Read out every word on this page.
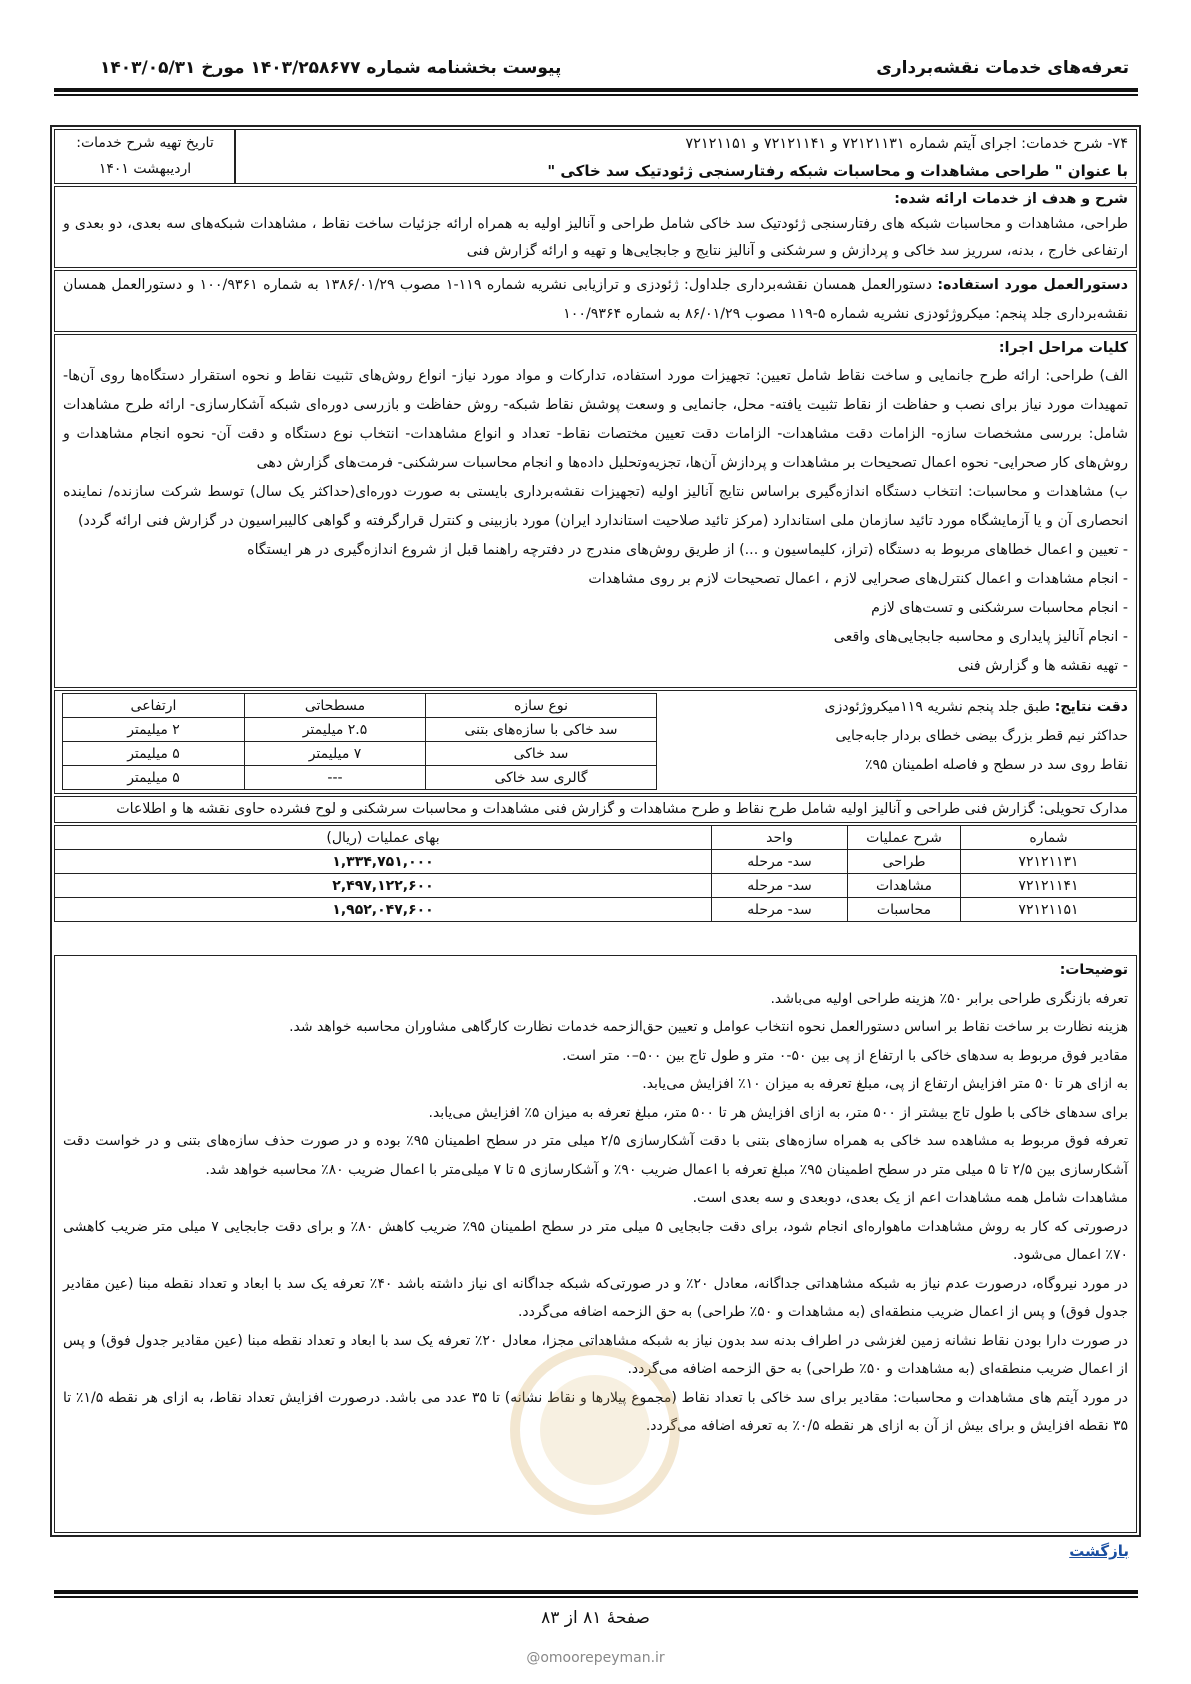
تعرفه‌های خدمات نقشه‌برداری
پیوست بخشنامه شماره ۱۴۰۳/۲۵۸۶۷۷ مورخ ۱۴۰۳/۰۵/۳۱
۷۴- شرح خدمات: اجرای آیتم شماره ۷۲۱۲۱۱۳۱ و ۷۲۱۲۱۱۴۱ و ۷۲۱۲۱۱۵۱
با عنوان " طراحی مشاهدات و محاسبات شبکه رفتارسنجی ژئودتیک سد خاکی "
تاریخ تهیه شرح خدمات:
اردیبهشت ۱۴۰۱
شرح و هدف از خدمات ارائه شده:
طراحی، مشاهدات و محاسبات شبکه های رفتارسنجی ژئودتیک سد خاکی شامل طراحی و آنالیز اولیه به همراه ارائه جزئیات ساخت نقاط ، مشاهدات شبکه‌های سه بعدی، دو بعدی و ارتفاعی خارج ، بدنه، سرریز سد خاکی و پردازش و سرشکنی و آنالیز نتایج و جابجایی‌ها و تهیه و ارائه گزارش فنی
دستورالعمل مورد استفاده: دستورالعمل همسان نقشه‌برداری جلداول: ژئودزی و ترازیابی نشریه شماره ۱۱۹-۱ مصوب ۱۳۸۶/۰۱/۲۹ به شماره ۱۰۰/۹۳۶۱ و دستورالعمل همسان نقشه‌برداری جلد پنجم: میکروژئودزی نشریه شماره ۵-۱۱۹ مصوب ۸۶/۰۱/۲۹ به شماره ۱۰۰/۹۳۶۴
کلیات مراحل اجرا:
الف) طراحی: ارائه طرح جانمایی و ساخت نقاط شامل تعیین: تجهیزات مورد استفاده، تدارکات و مواد مورد نیاز- انواع روش‌های تثبیت نقاط و نحوه استقرار دستگاه‌ها روی آن‌ها- تمهیدات مورد نیاز برای نصب و حفاظت از نقاط تثبیت یافته- محل، جانمایی و وسعت پوشش نقاط شبکه- روش حفاظت و بازرسی دوره‌ای شبکه آشکارسازی- ارائه طرح مشاهدات شامل: بررسی مشخصات سازه- الزامات دقت مشاهدات- الزامات دقت تعیین مختصات نقاط- تعداد و انواع مشاهدات- انتخاب نوع دستگاه و دقت آن- نحوه انجام مشاهدات و روش‌های کار صحرایی- نحوه اعمال تصحیحات بر مشاهدات و پردازش آن‌ها، تجزیه‌وتحلیل داده‌ها و انجام محاسبات سرشکنی- فرمت‌های گزارش دهی
ب) مشاهدات و محاسبات: انتخاب دستگاه اندازه‌گیری براساس نتایج آنالیز اولیه (تجهیزات نقشه‌برداری بایستی به صورت دوره‌ای(حداکثر یک سال) توسط شرکت سازنده/ نماینده انحصاری آن و یا آزمایشگاه مورد تائید سازمان ملی استاندارد (مرکز تائید صلاحیت استاندارد ایران) مورد بازبینی و کنترل قرارگرفته و گواهی کالیبراسیون در گزارش فنی ارائه گردد)
- تعیین و اعمال خطاهای مربوط به دستگاه (تراز، کلیماسیون و ...) از طریق روش‌های مندرج در دفترچه راهنما قبل از شروع اندازه‌گیری در هر ایستگاه
- انجام مشاهدات و اعمال کنترل‌های صحرایی لازم ، اعمال تصحیحات لازم بر روی مشاهدات
- انجام محاسبات سرشکنی و تست‌های لازم
- انجام آنالیز پایداری و محاسبه جابجایی‌های واقعی
- تهیه نقشه ها و گزارش فنی
دقت نتایج: طبق جلد پنجم نشریه ۱۱۹میکروژئودزی
حداکثر نیم قطر بزرگ بیضی خطای بردار جابه‌جایی
نقاط روی سد در سطح و فاصله اطمینان ۹۵٪
نوع سازه	مسطحاتی	ارتفاعی
سد خاکی با سازه‌های بتنی	۲.۵ میلیمتر	۲ میلیمتر
سد خاکی	۷ میلیمتر	۵ میلیمتر
گالری سد خاکی	---	۵ میلیمتر
مدارک تحویلی: گزارش فنی طراحی و آنالیز اولیه شامل طرح نقاط و طرح مشاهدات و گزارش فنی مشاهدات و محاسبات سرشکنی و لوح فشرده حاوی نقشه ها و اطلاعات
شماره	شرح عملیات	واحد	بهای عملیات (ریال)
۷۲۱۲۱۱۳۱	طراحی	سد- مرحله	۱,۳۳۴,۷۵۱,۰۰۰
۷۲۱۲۱۱۴۱	مشاهدات	سد- مرحله	۲,۴۹۷,۱۲۲,۶۰۰
۷۲۱۲۱۱۵۱	محاسبات	سد- مرحله	۱,۹۵۲,۰۴۷,۶۰۰

توضیحات:

تعرفه بازنگری طراحی برابر ۵۰٪ هزینه طراحی اولیه می‌باشد.

هزینه نظارت بر ساخت نقاط بر اساس دستورالعمل نحوه انتخاب عوامل و تعیین حق‌الزحمه خدمات نظارت کارگاهی مشاوران محاسبه خواهد شد.

مقادیر فوق مربوط به سدهای خاکی با ارتفاع از پی بین ۵۰-۰ متر و طول تاج بین ۵۰۰–۰ متر است.

به ازای هر تا ۵۰ متر افزایش ارتفاع از پی، مبلغ تعرفه به میزان ۱۰٪ افزایش می‌یابد.

برای سدهای خاکی با طول تاج بیشتر از ۵۰۰ متر، به ازای افزایش هر تا ۵۰۰ متر، مبلغ تعرفه به میزان ۵٪ افزایش می‌یابد.

تعرفه فوق مربوط به مشاهده سد خاکی به همراه سازه‌های بتنی با دقت آشکارسازی ۲/۵ میلی متر در سطح اطمینان ۹۵٪ بوده و در صورت حذف سازه‌های بتنی و در خواست دقت آشکارسازی بین ۲/۵ تا ۵ میلی متر در سطح اطمینان ۹۵٪ مبلغ تعرفه با اعمال ضریب ۹۰٪ و آشکارسازی ۵ تا ۷ میلی‌متر با اعمال ضریب ۸۰٪ محاسبه خواهد شد.

مشاهدات شامل همه مشاهدات اعم از یک بعدی، دوبعدی و سه بعدی است.

درصورتی که کار به روش مشاهدات ماهواره‌ای انجام شود، برای دقت جابجایی ۵ میلی متر در سطح اطمینان ۹۵٪ ضریب کاهش ۸۰٪ و برای دقت جابجایی ۷ میلی متر ضریب کاهشی ۷۰٪ اعمال می‌شود.

در مورد نیروگاه، درصورت عدم نیاز به شبکه مشاهداتی جداگانه، معادل ۲۰٪ و در صورتی‌که شبکه جداگانه ای نیاز داشته باشد ۴۰٪ تعرفه یک سد با ابعاد و تعداد نقطه مبنا (عین مقادیر جدول فوق) و پس از اعمال ضریب منطقه‌ای (به مشاهدات و ۵۰٪ طراحی) به حق الزحمه اضافه می‌گردد.

در صورت دارا بودن نقاط نشانه زمین لغزشی در اطراف بدنه سد بدون نیاز به شبکه مشاهداتی مجزا، معادل ۲۰٪ تعرفه یک سد با ابعاد و تعداد نقطه مبنا (عین مقادیر جدول فوق) و پس از اعمال ضریب منطقه‌ای (به مشاهدات و ۵۰٪ طراحی) به حق الزحمه اضافه می‌گردد.

در مورد آیتم های مشاهدات و محاسبات: مقادیر برای سد خاکی با تعداد نقاط (مجموع پیلارها و نقاط نشانه) تا ۳۵ عدد می باشد. درصورت افزایش تعداد نقاط، به ازای هر نقطه ۱/۵٪ تا ۳۵ نقطه افزایش و برای بیش از آن به ازای هر نقطه ۰/۵٪ به تعرفه اضافه می‌گردد.

بازگشت
صفحهٔ ۸۱ از ۸۳
@omoorepeyman.ir
